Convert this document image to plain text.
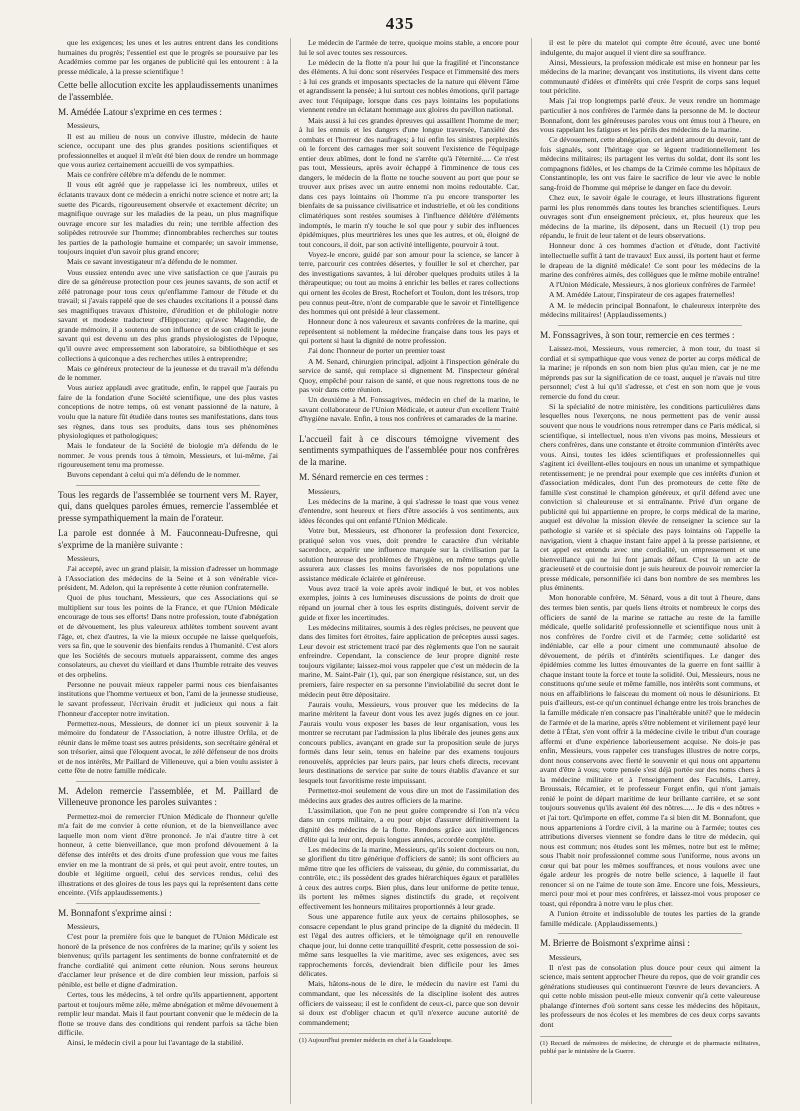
435

que les exigences; les unes et les autres entrent dans les conditions humaines du progrès; l'essentiel est que le progrès se poursuive par les Académies comme par les organes de publicité qui les entourent : à la presse médicale, à la presse scientifique !

Cette belle allocution excite les applaudissements unanimes de l'assemblée.

M. Amédée Latour s'exprime en ces termes :

Messieurs,

Il est au milieu de nous un convive illustre, médecin de haute science, occupant une des plus grandes positions scientifiques et professionnelles et auquel il m'eût été bien doux de rendre un hommage que vous auriez certainement accueilli de vos sympathies.

Mais ce confrère célèbre m'a défendu de le nommer.

Il vous eût agréé que je rappelasse ici les nombreux, utiles et éclatants travaux dont ce médecin a enrichi notre science et notre art; la suette des Picards, rigoureusement observée et exactement décrite; un magnifique ouvrage sur les maladies de la peau, un plus magnifique ouvrage encore sur les maladies du rein; une terrible affection des solipèdes retrouvée sur l'homme; d'innombrables recherches sur toutes les parties de la pathologie humaine et comparée; un savoir immense, toujours inquiet d'un savoir plus grand encore;

Mais ce savant investigateur m'a défendu de le nommer.

Vous eussiez entendu avec une vive satisfaction ce que j'aurais pu dire de sa généreuse protection pour ces jeunes savants, de son actif et zélé patronage pour tous ceux qu'enflamme l'amour de l'étude et du travail; si j'avais rappelé que de ses chaudes excitations il a poussé dans ses magnifiques travaux d'histoire, d'érudition et de philologie notre savant et modeste traducteur d'Hippocrate; qu'avec Magendie, de grande mémoire, il a soutenu de son influence et de son crédit le jeune savant qui est devenu un des plus grands physiologistes de l'époque, qu'il ouvre avec empressement son laboratoire, sa bibliothèque et ses collections à quiconque a des recherches utiles à entreprendre;

Mais ce généreux protecteur de la jeunesse et du travail m'a défendu de le nommer.

Vous auriez applaudi avec gratitude, enfin, le rappel que j'aurais pu faire de la fondation d'une Société scientifique, une des plus vastes conceptions de notre temps, où est venant passionné de la nature, à voulu que la nature fût étudiée dans toutes ses manifestations, dans tous ses règnes, dans tous ses produits, dans tous ses phénomènes physiologiques et pathologiques;

Mais le fondateur de la Société de biologie m'a défendu de le nommer. Je vous prends tous à témoin, Messieurs, et lui-même, j'ai rigoureusement tenu ma promesse.

Buvons cependant à celui qui m'a défendu de le nommer.

Tous les regards de l'assemblée se tournent vers M. Rayer, qui, dans quelques paroles émues, remercie l'assemblée et presse sympathiquement la main de l'orateur.

La parole est donnée à M. Fauconneau-Dufresne, qui s'exprime de la manière suivante :

Messieurs,

J'ai accepté, avec un grand plaisir, la mission d'adresser un hommage à l'Association des médecins de la Seine et à son vénérable vice-président, M. Adelon, qui la représente à cette réunion confraternelle.

Quoi de plus touchant, Messieurs, que ces Associations qui se multiplient sur tous les points de la France, et que l'Union Médicale encourage de tous ses efforts! Dans notre profession, toute d'abnégation et de dévouement, les plus valeureux athlètes tombent souvent avant l'âge, et, chez d'autres, la vie la mieux occupée ne laisse quelquefois, vers sa fin, que le souvenir des bienfaits rendus à l'humanité. C'est alors que les Sociétés de secours mutuels apparaissent, comme des anges consolateurs, au chevet du vieillard et dans l'humble retraite des veuves et des orphelins.

Personne ne pouvait mieux rappeler parmi nous ces bienfaisantes institutions que l'homme vertueux et bon, l'ami de la jeunesse studieuse, le savant professeur, l'écrivain érudit et judicieux qui nous a fait l'honneur d'accepter notre invitation.

Permettez-nous, Messieurs, de donner ici un pieux souvenir à la mémoire du fondateur de l'Association, à notre illustre Orfila, et de réunir dans le même toast ses autres présidents, son secrétaire général et son trésorier, ainsi que l'éloquent avocat, le zélé défenseur de nos droits et de nos intérêts, Mr Paillard de Villeneuve, qui a bien voulu assister à cette fête de notre famille médicale.

M. Adelon remercie l'assemblée, et M. Paillard de Villeneuve prononce les paroles suivantes :

Permettez-moi de remercier l'Union Médicale de l'honneur qu'elle m'a fait de me convier à cette réunion, et de la bienveillance avec laquelle mon nom vient d'être prononcé. Je n'ai d'autre titre à cet honneur, à cette bienveillance, que mon profond dévouement à la défense des intérêts et des droits d'une profession que vous me faites envier en me la montrant de si près, et qui peut avoir, entre toutes, un double et légitime orgueil, celui des services rendus, celui des illustrations et des gloires de tous les pays qui la représentent dans cette enceinte. (Vifs applaudissements.)

M. Bonnafont s'exprime ainsi :

Messieurs,

C'est pour la première fois que le banquet de l'Union Médicale est honoré de la présence de nos confrères de la marine; qu'ils y soient les bienvenus; qu'ils partagent les sentiments de bonne confraternité et de franche cordialité qui animent cette réunion. Nous serons heureux d'acclamer leur présence et de dire combien leur mission, parfois si pénible, est belle et digne d'admiration.

Certes, tous les médecins, à tel ordre qu'ils appartiennent, apportent partout et toujours même zèle, même abnégation et même dévouement à remplir leur mandat. Mais il faut pourtant convenir que le médecin de la flotte se trouve dans des conditions qui rendent parfois sa tâche bien difficile.

Ainsi, le médecin civil a pour lui l'avantage de la stabilité.

Le médecin de l'armée de terre, quoique moins stable, a encore pour lui le sol avec toutes ses ressources.

Le médecin de la flotte n'a pour lui que la fragilité et l'inconstance des éléments. A lui donc sont réservées l'espace et l'immensité des mers : à lui ces grands et imposants spectacles de la nature qui élèvent l'âme et agrandissent la pensée; à lui surtout ces nobles émotions, qu'il partage avec tout l'équipage, lorsque dans ces pays lointains les populations viennent rendre un éclatant hommage aux gloires du pavillon national.

Mais aussi à lui ces grandes épreuves qui assaillent l'homme de mer; à lui les ennuis et les dangers d'une longue traversée, l'anxiété des combats et l'horreur des naufrages; à lui enfin les sinistres perplexités où le forcent des carnages mer soit souvent l'existence de l'équipage entier deux abîmes, dont le fond ne s'arrête qu'à l'éternité..... Ce n'est pas tout, Messieurs, après avoir échappé à l'imminence de tous ces dangers, le médecin de la flotte ne touche souvent au port que pour se trouver aux prises avec un autre ennemi non moins redoutable. Car, dans ces pays lointains où l'homme n'a pu encore transporter les bienfaits de sa puissance civilisatrice et industrielle, et où les conditions climatériques sont restées soumises à l'influence délétère d'éléments indomptés, le marin n'y touche le sol que pour y subir des influences épidémiques, plus meurtrières les unes que les autres, et où, éloigné de tout concours, il doit, par son activité intelligente, pourvoir à tout.

Voyez-le encore, guidé par son amour pour la science, se lancer à terre, parcourir ces contrées désertes, y fouiller le sol et chercher, par des investigations savantes, à lui dérober quelques produits utiles à la thérapeutique; ou tout au moins à enrichir les belles et rares collections qui ornent les écoles de Brest, Rochefort et Toulon, dont les trésors, trop peu connus peut-être, n'ont de comparable que le savoir et l'intelligence des hommes qui ont présidé à leur classement.

Honneur donc à nos valeureux et savants confrères de la marine, qui représentent si noblement la médecine française dans tous les pays et qui portent si haut la dignité de notre profession.

J'ai donc l'honneur de porter un premier toast

A M. Senard, chirurgien principal, adjoint à l'inspection générale du service de santé, qui remplace si dignement M. l'inspecteur général Quoy, empêché pour raison de santé, et que nous regrettons tous de ne pas voir dans cette réunion.

Un deuxième à M. Fonssagrives, médecin en chef de la marine, le savant collaborateur de l'Union Médicale, et auteur d'un excellent Traité d'hygiène navale. Enfin, à tous nos confrères et camarades de la marine.

L'accueil fait à ce discours témoigne vivement des sentiments sympathiques de l'assemblée pour nos confrères de la marine.

M. Sénard remercie en ces termes :

Messieurs,

Les médecins de la marine, à qui s'adresse le toast que vous venez d'entendre, sont heureux et fiers d'être associés à vos sentiments, aux idées fécondes qui ont enfanté l'Union Médicale.

Votre but, Messieurs, est d'honorer la profession dont l'exercice, pratiqué selon vos vues, doit prendre le caractère d'un véritable sacerdoce, acquérir une influence marquée sur la civilisation par la solution heureuse des problèmes de l'hygiène, en même temps qu'elle assurera aux classes les moins favorisées de nos populations une assistance médicale éclairée et généreuse.

Vous avez tracé la voie après avoir indiqué le but, et vos nobles exemples, joints à ces lumineuses discussions de points de droit que répand un journal cher à tous les esprits distingués, doivent servir de guide et fixer les incertitudes.

Les médecins militaires, soumis à des règles précises, ne peuvent que dans des limites fort étroites, faire application de préceptes aussi sages. Leur devoir est strictement tracé par des règlements que l'on ne saurait enfreindre. Cependant, la conscience de leur propre dignité reste toujours vigilante; laissez-moi vous rappeler que c'est un médecin de la marine, M. Saint-Pair (1), qui, par son énergique résistance, sut, un des premiers, faire respecter en sa personne l'inviolabilité du secret dont le médecin peut être dépositaire.

J'aurais voulu, Messieurs, vous prouver que les médecins de la marine méritent la faveur dont vous les avez jugés dignes en ce jour. J'aurais voulu vous exposer les bases de leur organisation, vous les montrer se recrutant par l'admission la plus libérale des jeunes gens aux concours publics, avançant en grade sur la proposition seule de jurys formés dans leur sein, tenus en haleine par des examens toujours renouvelés, apprécies par leurs pairs, par leurs chefs directs, recevant leurs destinations de service par suite de tours établis d'avance et sur lesquels tout favoritisme reste impuissant.

Permettez-moi seulement de vous dire un mot de l'assimilation des médecins aux grades des autres officiers de la marine.

L'assimilation, que l'on ne peut guère comprendre si l'on n'a vécu dans un corps militaire, a eu pour objet d'assurer définitivement la dignité des médecins de la flotte. Rendons grâce aux intelligences d'élite qui la leur ont, depuis longues années, accordée complète.

Les médecins de la marine, Messieurs, qu'ils soient docteurs ou non, se glorifient du titre générique d'officiers de santé; ils sont officiers au même titre que les officiers de vaisseau, du génie, du commissariat, du contrôle, etc.; ils possèdent des grades hiérarchiques égaux et parallèles à ceux des autres corps. Bien plus, dans leur uniforme de petite tenue, ils portent les mêmes signes distinctifs du grade, et reçoivent effectivement les honneurs militaires proportionnés à leur grade.

Sous une apparence futile aux yeux de certains philosophes, se consacre cependant le plus grand principe de la dignité du médecin. Il est l'égal des autres officiers, et le témoignage qu'il en renouvelle chaque jour, lui donne cette tranquillité d'esprit, cette possession de soi-même sans lesquelles la vie maritime, avec ses exigences, avec ses rapprochements forcés, deviendrait bien difficile pour les âmes délicates.

Mais, hâtons-nous de le dire, le médecin du navire est l'ami du commandant, que les nécessités de la discipline isolent des autres officiers de vaisseau; il est le confident de ceux-ci, parce que son devoir si doux est d'obliger chacun et qu'il n'exerce aucune autorité de commandement;

(1) Aujourd'hui premier médecin en chef à la Guadeloupe.

il est le père du matelot qui compte être écouté, avec une bonté indulgente, du major auquel il vient dire sa souffrance.

Ainsi, Messieurs, la profession médicale est mise en honneur par les médecins de la marine; devançant vos institutions, ils vivent dans cette communauté d'idées et d'intérêts qui crée l'esprit de corps sans lequel tout périclite.

Mais j'ai trop longtemps parlé d'eux. Je veux rendre un hommage particulier à nos confrères de l'armée dans la personne de M. le docteur Bonnafont, dont les généreuses paroles vous ont émus tout à l'heure, en vous rappelant les fatigues et les périls des médecins de la marine.

Ce dévouement, cette abnégation, cet ardent amour du devoir, tant de fois signalés, sont l'héritage que se lèguent traditionnellement les médecins militaires; ils partagent les vertus du soldat, dont ils sont les compagnons fidèles, et les champs de la Crimée comme les hôpitaux de Constantinople, les ont vus faire le sacrifice de leur vie avec le noble sang-froid de l'homme qui méprise le danger en face du devoir.

Chez eux, le savoir égale le courage, et leurs illustrations figurent parmi les plus renommés dans toutes les branches scientifiques. Leurs ouvrages sont d'un enseignement précieux, et, plus heureux que les médecins de la marine, ils déposent, dans un Recueil (1) trop peu répandu, le fruit de leur talent et de leurs observations.

Honneur donc à ces hommes d'action et d'étude, dont l'activité intellectuelle suffit à tant de travaux! Eux aussi, ils portent haut et ferme le drapeau de la dignité médicale! Ce sont pour les médecins de la marine des confrères aimés, des collègues que le même mobile entraîne!

A l'Union Médicale, Messieurs, à nos glorieux confrères de l'armée!

A M. Amédée Latour, l'inspirateur de ces agapes fraternelles!

A M. le médecin principal Bonnafont, le chaleureux interprète des médecins militaires! (Applaudissements.)

M. Fonssagrives, à son tour, remercie en ces termes :

Laissez-moi, Messieurs, vous remercier, à mon tour, du toast si cordial et si sympathique que vous venez de porter au corps médical de la marine; je réponds en son nom bien plus qu'au mien, car je ne me méprends pas sur la signification de ce toast, auquel je n'avais nul titre personnel; c'est à lui qu'il s'adresse, et c'est en son nom que je vous remercie du fond du cœur.

Si la spécialité de notre ministère, les conditions particulières dans lesquelles nous l'exerçons, ne nous permettent pas de venir aussi souvent que nous le voudrions nous retremper dans ce Paris médical, si scientifique, si intellectuel, nous n'en vivons pas moins, Messieurs et chers confrères, dans une constante et étroite communion d'intérêts avec vous. Ainsi, toutes les idées scientifiques et professionnelles qui s'agitent ici éveillent-elles toujours en nous un unanime et sympathique retentissement; je ne prendrai pour exemple que ces intérêts d'union et d'association médicales, dont l'un des promoteurs de cette fête de famille s'est constitué le champion généreux, et qu'il défend avec une conviction si chaleureuse et si entraînante. Privé d'un organe de publicité qui lui appartienne en propre, le corps médical de la marine, auquel est dévolue la mission élevée de renseigner la science sur la pathologie si variée et si spéciale des pays lointains où l'appelle la navigation, vient à chaque instant faire appel à la presse parisienne, et cet appel est entendu avec une cordialité, un empressement et une bienveillance qui ne lui font jamais défaut. C'est là un acte de gracieuseté et de courtoisie dont je suis heureux de pouvoir remercier la presse médicale, personnifiée ici dans bon nombre de ses membres les plus éminents.

Mon honorable confrère, M. Sénard, vous a dit tout à l'heure, dans des termes bien sentis, par quels liens étroits et nombreux le corps des officiers de santé de la marine se rattache au reste de la famille médicale, quelle solidarité professionnelle et scientifique nous unit à nos confrères de l'ordre civil et de l'armée; cette solidarité est indéniable, car elle a pour ciment une communauté absolue de dévouement, de périls et d'intérêts scientifiques. Le danger des épidémies comme les luttes émouvantes de la guerre en font saillir à chaque instant toute la force et toute la solidité. Oui, Messieurs, nous ne constituons qu'une seule et même famille, nos intérêts sont communs, et nous en affaiblirions le faisceau du moment où nous le désunirions. Et puis d'ailleurs, est-ce qu'un continuel échange entre les trois branches de la famille médicale n'en consacre pas l'inaltérable unité? que le médecin de l'armée et de la marine, après s'être noblement et virilement payé leur dette à l'État, s'en vont offrir à la médecine civile le tribut d'un courage affermi et d'une expérience laborieusement acquise. Ne dois-je pas enfin, Messieurs, vous rappeler ces transfuges illustres de notre corps, dont nous conservons avec fierté le souvenir et qui nous ont appartenu avant d'être à vous; votre pensée s'est déjà portée sur des noms chers à la médecine militaire et à l'enseignement des Facultés, Larrey, Broussais, Récamier, et le professeur Forget enfin, qui n'ont jamais renié le point de départ maritime de leur brillante carrière, et se sont toujours souvenus qu'ils avaient été des nôtres...... Je dis « des nôtres » et j'ai tort. Qu'importe en effet, comme l'a si bien dit M. Bonnafont, que nous appartenions à l'ordre civil, à la marine ou à l'armée; toutes ces attributions diverses viennent se fondre dans le titre de médecin, qui nous est commun; nos études sont les mêmes, notre but est le même; sous l'habit noir professionnel comme sous l'uniforme, nous avons un cœur qui bat pour les mêmes souffrances, et nous voulons avec une égale ardeur les progrès de notre belle science, à laquelle il faut renoncer si on ne l'aime de toute son âme. Encore une fois, Messieurs, merci pour moi et pour mes confrères, et laissez-moi vous proposer ce toast, qui répondra à notre vœu le plus cher.

A l'union étroite et indissoluble de toutes les parties de la grande famille médicale. (Applaudissements.)

M. Brierre de Boismont s'exprime ainsi :

Messieurs,

Il n'est pas de consolation plus douce pour ceux qui aiment la science, mais sentent approcher l'heure du repos, que de voir grandir ces générations studieuses qui continueront l'œuvre de leurs devanciers. A qui cette noble mission peut-elle mieux convenir qu'à cette valeureuse phalange d'internes d'où sortent sans cesse les médecins des hôpitaux, les professeurs de nos écoles et les membres de ces deux corps savants dont

(1) Recueil de mémoires de médecine, de chirurgie et de pharmacie militaires, publié par le ministère de la Guerre.
